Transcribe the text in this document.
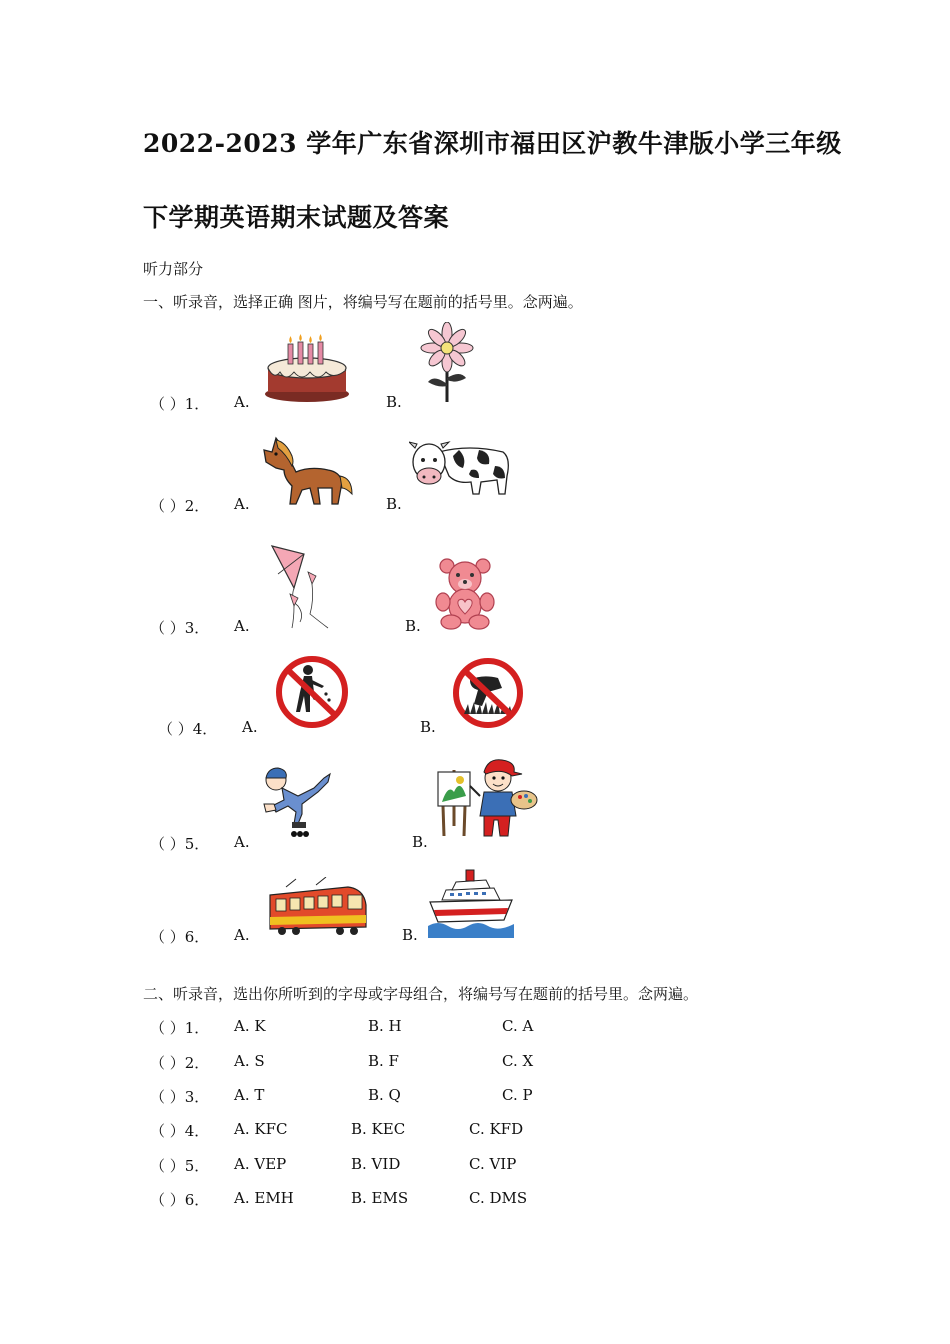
2022-2023 学年广东省深圳市福田区沪教牛津版小学三年级
下学期英语期末试题及答案
听力部分
一、听录音，选择正确 图片，将编号写在题前的括号里。念两遍。
（ ）1． A.	B.
（ ）2． A.	B.
（ ）3． A.	B.
（ ）4． A.	B.
（ ）5． A.	B.
（ ）6． A.	B.
二、听录音，选出你所听到的字母或字母组合，将编号写在题前的括号里。念两遍。
（ ）1． A. K	B. H	C. A
（ ）2． A. S	B. F	C. X
（ ）3． A. T	B. Q	C. P
（ ）4． A. KFC	B. KEC	C. KFD
（ ）5． A. VEP	B. VID	C. VIP
（ ）6． A. EMH	B. EMS	C. DMS
